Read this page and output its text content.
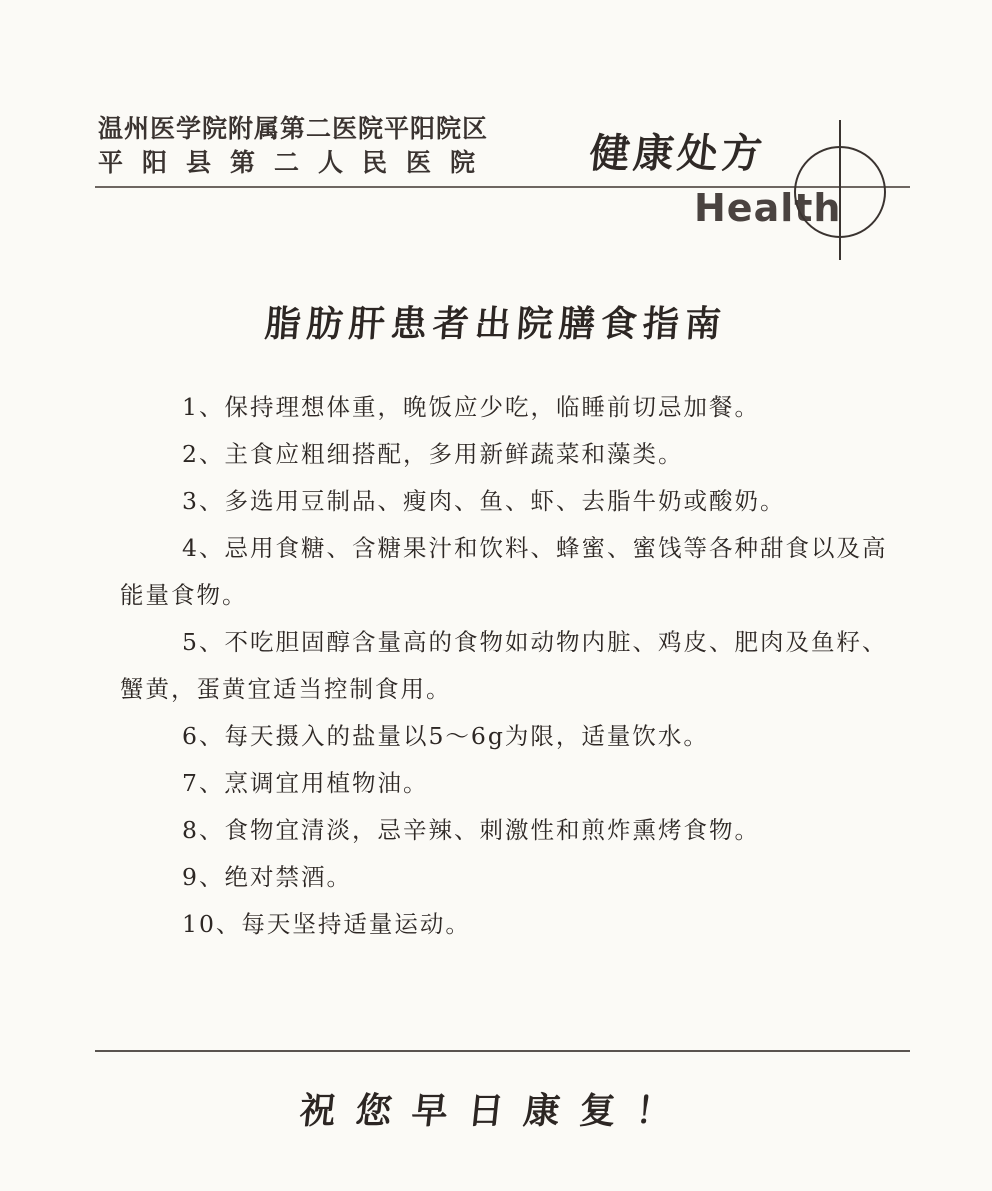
温州医学院附属第二医院平阳院区
平阳县第二人民医院 健康处方
Health
脂肪肝患者出院膳食指南

1、保持理想体重，晚饭应少吃，临睡前切忌加餐。

2、主食应粗细搭配，多用新鲜蔬菜和藻类。

3、多选用豆制品、瘦肉、鱼、虾、去脂牛奶或酸奶。

4、忌用食糖、含糖果汁和饮料、蜂蜜、蜜饯等各种甜食以及高能量食物。

5、不吃胆固醇含量高的食物如动物内脏、鸡皮、肥肉及鱼籽、蟹黄，蛋黄宜适当控制食用。

6、每天摄入的盐量以5～6g为限，适量饮水。

7、烹调宜用植物油。

8、食物宜清淡，忌辛辣、刺激性和煎炸熏烤食物。

9、绝对禁酒。

10、每天坚持适量运动。

祝您早日康复！
